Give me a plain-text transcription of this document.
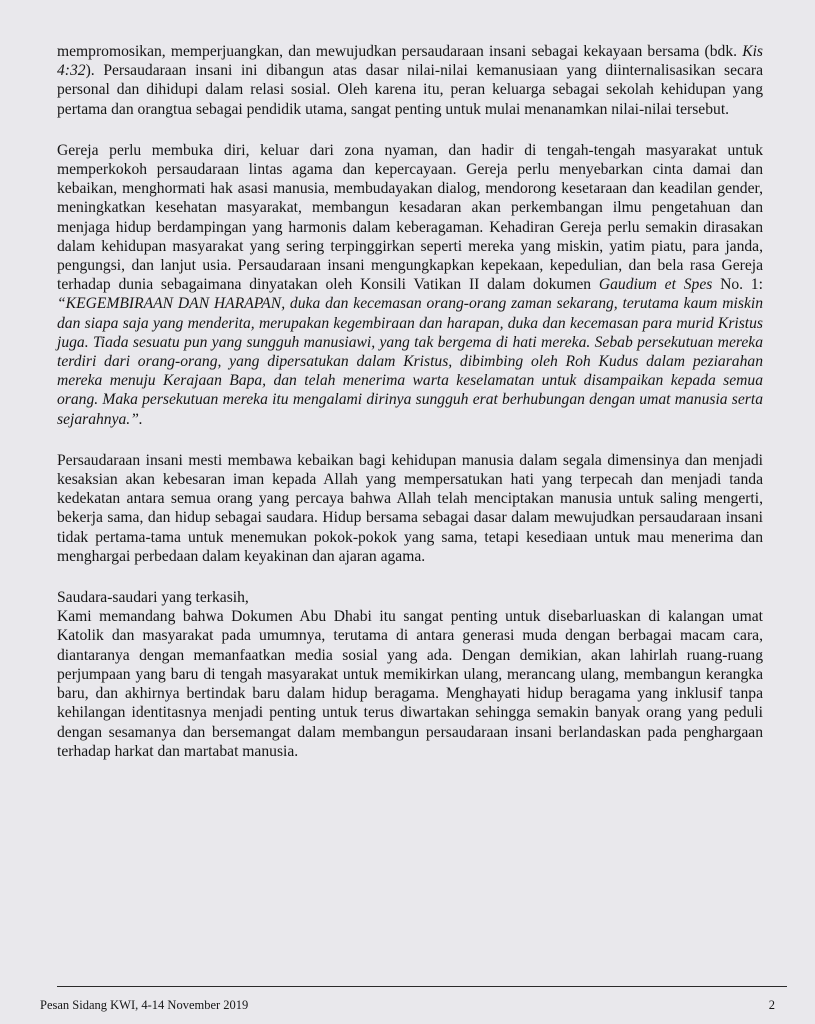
mempromosikan, memperjuangkan, dan mewujudkan persaudaraan insani sebagai kekayaan bersama (bdk. Kis 4:32). Persaudaraan insani ini dibangun atas dasar nilai-nilai kemanusiaan yang diinternalisasikan secara personal dan dihidupi dalam relasi sosial. Oleh karena itu, peran keluarga sebagai sekolah kehidupan yang pertama dan orangtua sebagai pendidik utama, sangat penting untuk mulai menanamkan nilai-nilai tersebut.

Gereja perlu membuka diri, keluar dari zona nyaman, dan hadir di tengah-tengah masyarakat untuk memperkokoh persaudaraan lintas agama dan kepercayaan. Gereja perlu menyebarkan cinta damai dan kebaikan, menghormati hak asasi manusia, membudayakan dialog, mendorong kesetaraan dan keadilan gender, meningkatkan kesehatan masyarakat, membangun kesadaran akan perkembangan ilmu pengetahuan dan menjaga hidup berdampingan yang harmonis dalam keberagaman. Kehadiran Gereja perlu semakin dirasakan dalam kehidupan masyarakat yang sering terpinggirkan seperti mereka yang miskin, yatim piatu, para janda, pengungsi, dan lanjut usia. Persaudaraan insani mengungkapkan kepekaan, kepedulian, dan bela rasa Gereja terhadap dunia sebagaimana dinyatakan oleh Konsili Vatikan II dalam dokumen Gaudium et Spes No. 1: “KEGEMBIRAAN DAN HARAPAN, duka dan kecemasan orang-orang zaman sekarang, terutama kaum miskin dan siapa saja yang menderita, merupakan kegembiraan dan harapan, duka dan kecemasan para murid Kristus juga. Tiada sesuatu pun yang sungguh manusiawi, yang tak bergema di hati mereka. Sebab persekutuan mereka terdiri dari orang-orang, yang dipersatukan dalam Kristus, dibimbing oleh Roh Kudus dalam peziarahan mereka menuju Kerajaan Bapa, dan telah menerima warta keselamatan untuk disampaikan kepada semua orang. Maka persekutuan mereka itu mengalami dirinya sungguh erat berhubungan dengan umat manusia serta sejarahnya.”.

Persaudaraan insani mesti membawa kebaikan bagi kehidupan manusia dalam segala dimensinya dan menjadi kesaksian akan kebesaran iman kepada Allah yang mempersatukan hati yang terpecah dan menjadi tanda kedekatan antara semua orang yang percaya bahwa Allah telah menciptakan manusia untuk saling mengerti, bekerja sama, dan hidup sebagai saudara. Hidup bersama sebagai dasar dalam mewujudkan persaudaraan insani tidak pertama-tama untuk menemukan pokok-pokok yang sama, tetapi kesediaan untuk mau menerima dan menghargai perbedaan dalam keyakinan dan ajaran agama.

Saudara-saudari yang terkasih,

Kami memandang bahwa Dokumen Abu Dhabi itu sangat penting untuk disebarluaskan di kalangan umat Katolik dan masyarakat pada umumnya, terutama di antara generasi muda dengan berbagai macam cara, diantaranya dengan memanfaatkan media sosial yang ada. Dengan demikian, akan lahirlah ruang-ruang perjumpaan yang baru di tengah masyarakat untuk memikirkan ulang, merancang ulang, membangun kerangka baru, dan akhirnya bertindak baru dalam hidup beragama. Menghayati hidup beragama yang inklusif tanpa kehilangan identitasnya menjadi penting untuk terus diwartakan sehingga semakin banyak orang yang peduli dengan sesamanya dan bersemangat dalam membangun persaudaraan insani berlandaskan pada penghargaan terhadap harkat dan martabat manusia.

Pesan Sidang KWI, 4-14 November 2019	2
